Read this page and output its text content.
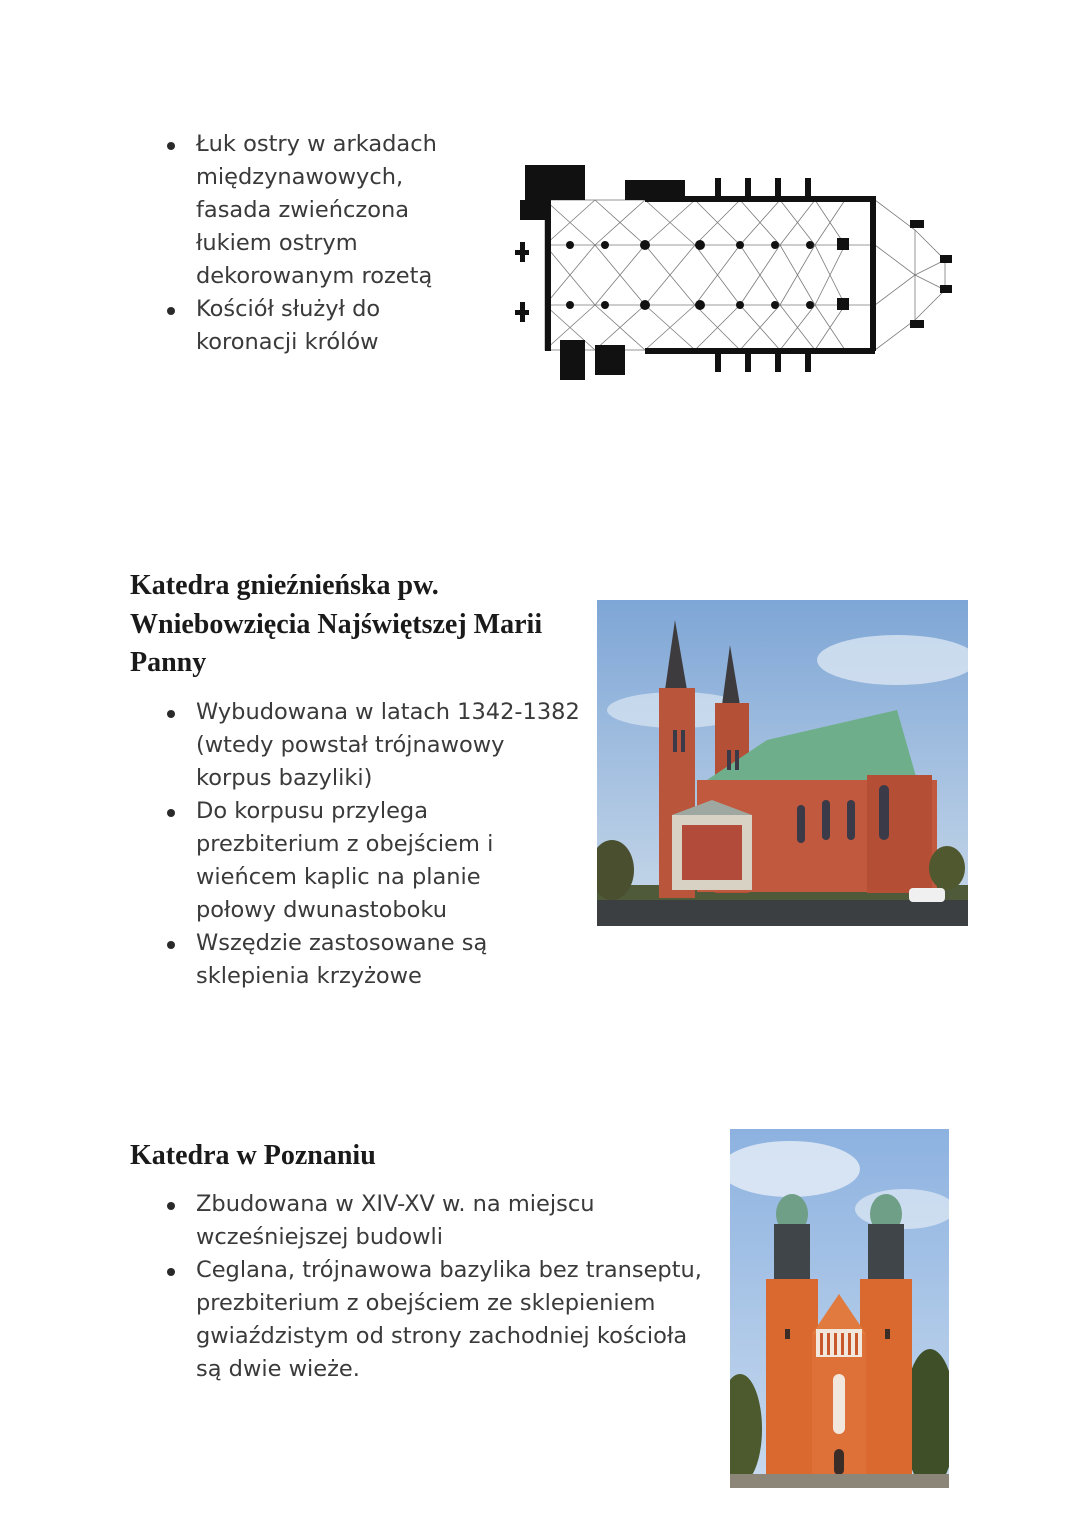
Łuk ostry w arkadach
międzynawowych,
fasada zwieńczona
łukiem ostrym
dekorowanym rozetą
Kościół służył do
koronacji królów
Katedra gnieźnieńska pw.
Wniebowzięcia Najświętszej Marii
Panny
Wybudowana w latach 1342-1382
(wtedy powstał trójnawowy
korpus bazyliki)
Do korpusu przylega
prezbiterium z obejściem i
wieńcem kaplic na planie
połowy dwunastoboku
Wszędzie zastosowane są
sklepienia krzyżowe
Katedra w Poznaniu
Zbudowana w XIV-XV w. na miejscu
wcześniejszej budowli
Ceglana, trójnawowa bazylika bez transeptu,
prezbiterium z obejściem ze sklepieniem
gwiaździstym od strony zachodniej kościoła
są dwie wieże.
